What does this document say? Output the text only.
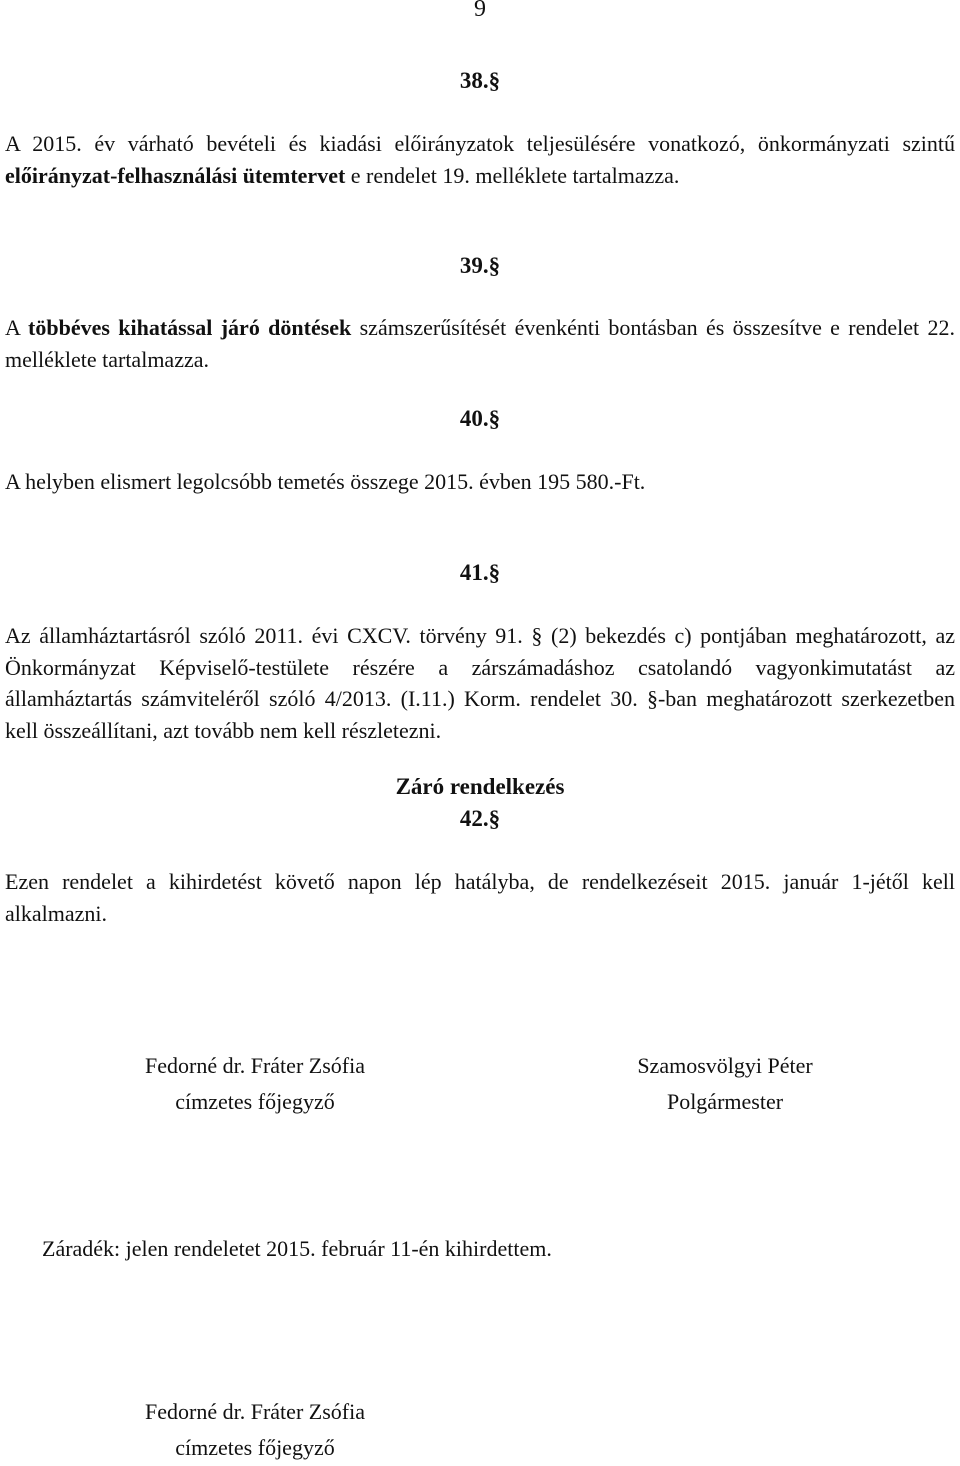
9
38.§
A 2015. év várható bevételi és kiadási előirányzatok teljesülésére vonatkozó, önkormányzati szintű előirányzat-felhasználási ütemtervet e rendelet 19. melléklete tartalmazza.
39.§
A többéves kihatással járó döntések számszerűsítését évenkénti bontásban és összesítve e rendelet 22. melléklete tartalmazza.
40.§
A helyben elismert legolcsóbb temetés összege 2015. évben 195 580.-Ft.
41.§
Az államháztartásról szóló 2011. évi CXCV. törvény 91. § (2) bekezdés c) pontjában meghatározott, az Önkormányzat Képviselő-testülete részére a zárszámadáshoz csatolandó vagyonkimutatást az államháztartás számviteléről szóló 4/2013. (I.11.) Korm. rendelet 30. §-ban meghatározott szerkezetben kell összeállítani, azt tovább nem kell részletezni.
Záró rendelkezés
42.§
Ezen rendelet a kihirdetést követő napon lép hatályba, de rendelkezéseit 2015. január 1-jétől kell alkalmazni.
Fedorné dr. Fráter Zsófia
címzetes főjegyző
Szamosvölgyi Péter
Polgármester
Záradék: jelen rendeletet 2015. február 11-én kihirdettem.
Fedorné dr. Fráter Zsófia
címzetes főjegyző
